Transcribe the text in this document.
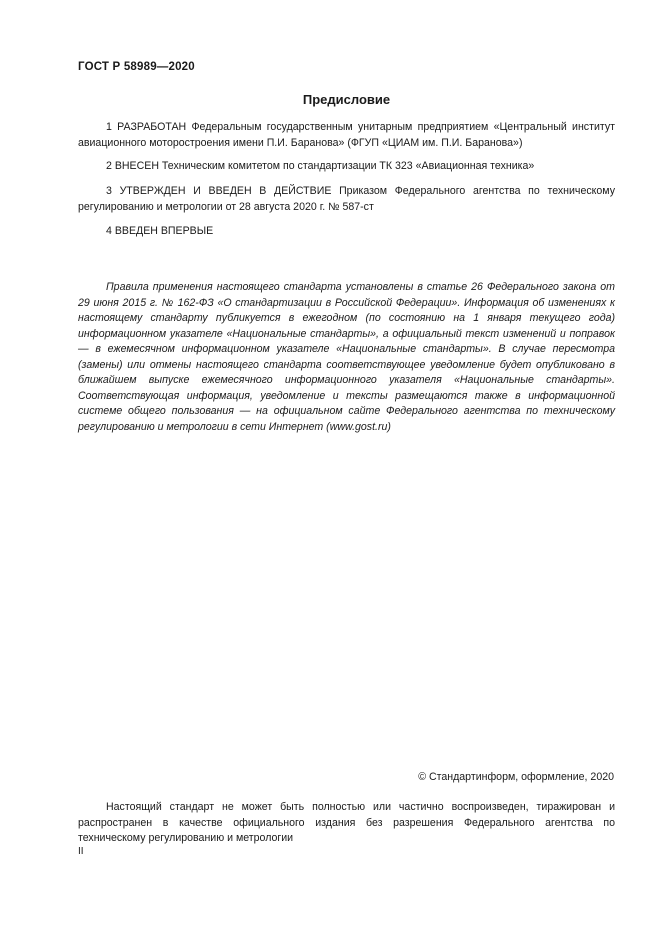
ГОСТ Р 58989—2020
Предисловие

1 РАЗРАБОТАН Федеральным государственным унитарным предприятием «Центральный институт авиационного моторостроения имени П.И. Баранова» (ФГУП «ЦИАМ им. П.И. Баранова»)

2 ВНЕСЕН Техническим комитетом по стандартизации ТК 323 «Авиационная техника»

3 УТВЕРЖДЕН И ВВЕДЕН В ДЕЙСТВИЕ Приказом Федерального агентства по техническому регулированию и метрологии от 28 августа 2020 г. № 587-ст

4 ВВЕДЕН ВПЕРВЫЕ

Правила применения настоящего стандарта установлены в статье 26 Федерального закона от 29 июня 2015 г. № 162-ФЗ «О стандартизации в Российской Федерации». Информация об изменениях к настоящему стандарту публикуется в ежегодном (по состоянию на 1 января текущего года) информационном указателе «Национальные стандарты», а официальный текст изменений и поправок — в ежемесячном информационном указателе «Национальные стандарты». В случае пересмотра (замены) или отмены настоящего стандарта соответствующее уведомление будет опубликовано в ближайшем выпуске ежемесячного информационного указателя «Национальные стандарты». Соответствующая информация, уведомление и тексты размещаются также в информационной системе общего пользования — на официальном сайте Федерального агентства по техническому регулированию и метрологии в сети Интернет (www.gost.ru)

© Стандартинформ, оформление, 2020

Настоящий стандарт не может быть полностью или частично воспроизведен, тиражирован и распространен в качестве официального издания без разрешения Федерального агентства по техническому регулированию и метрологии

II
